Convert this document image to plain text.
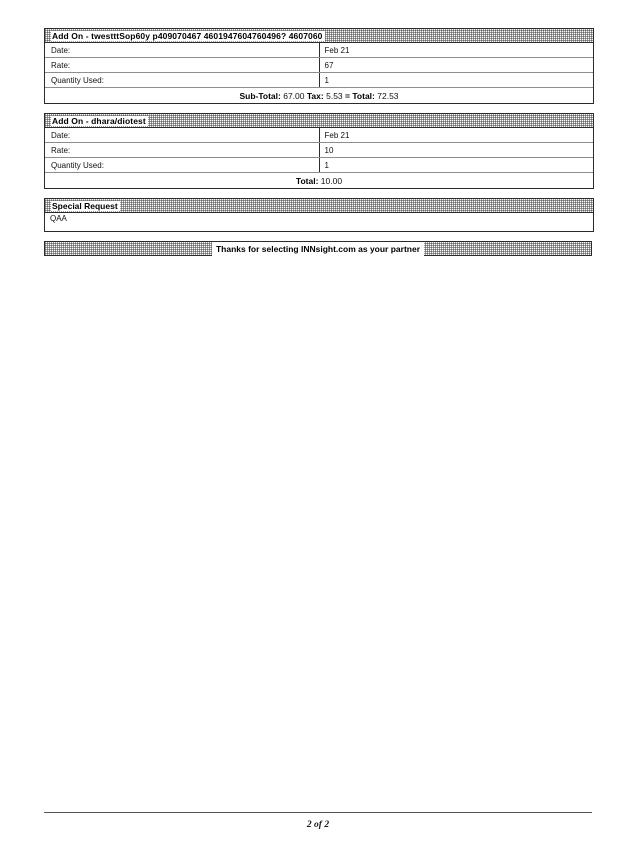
Add On - twestttSop60y p409070467 4601947604760496? 4607060	
Date:	Feb 21
Rate:	67
Quantity Used:	1
Sub-Total: 67.00 Tax: 5.53 = Total: 72.53	
Add On - dhara/diotest	
Date:	Feb 21
Rate:	10
Quantity Used:	1
Total: 10.00	
Special Request
QAA
Thanks for selecting INNsight.com as your partner
2 of 2
